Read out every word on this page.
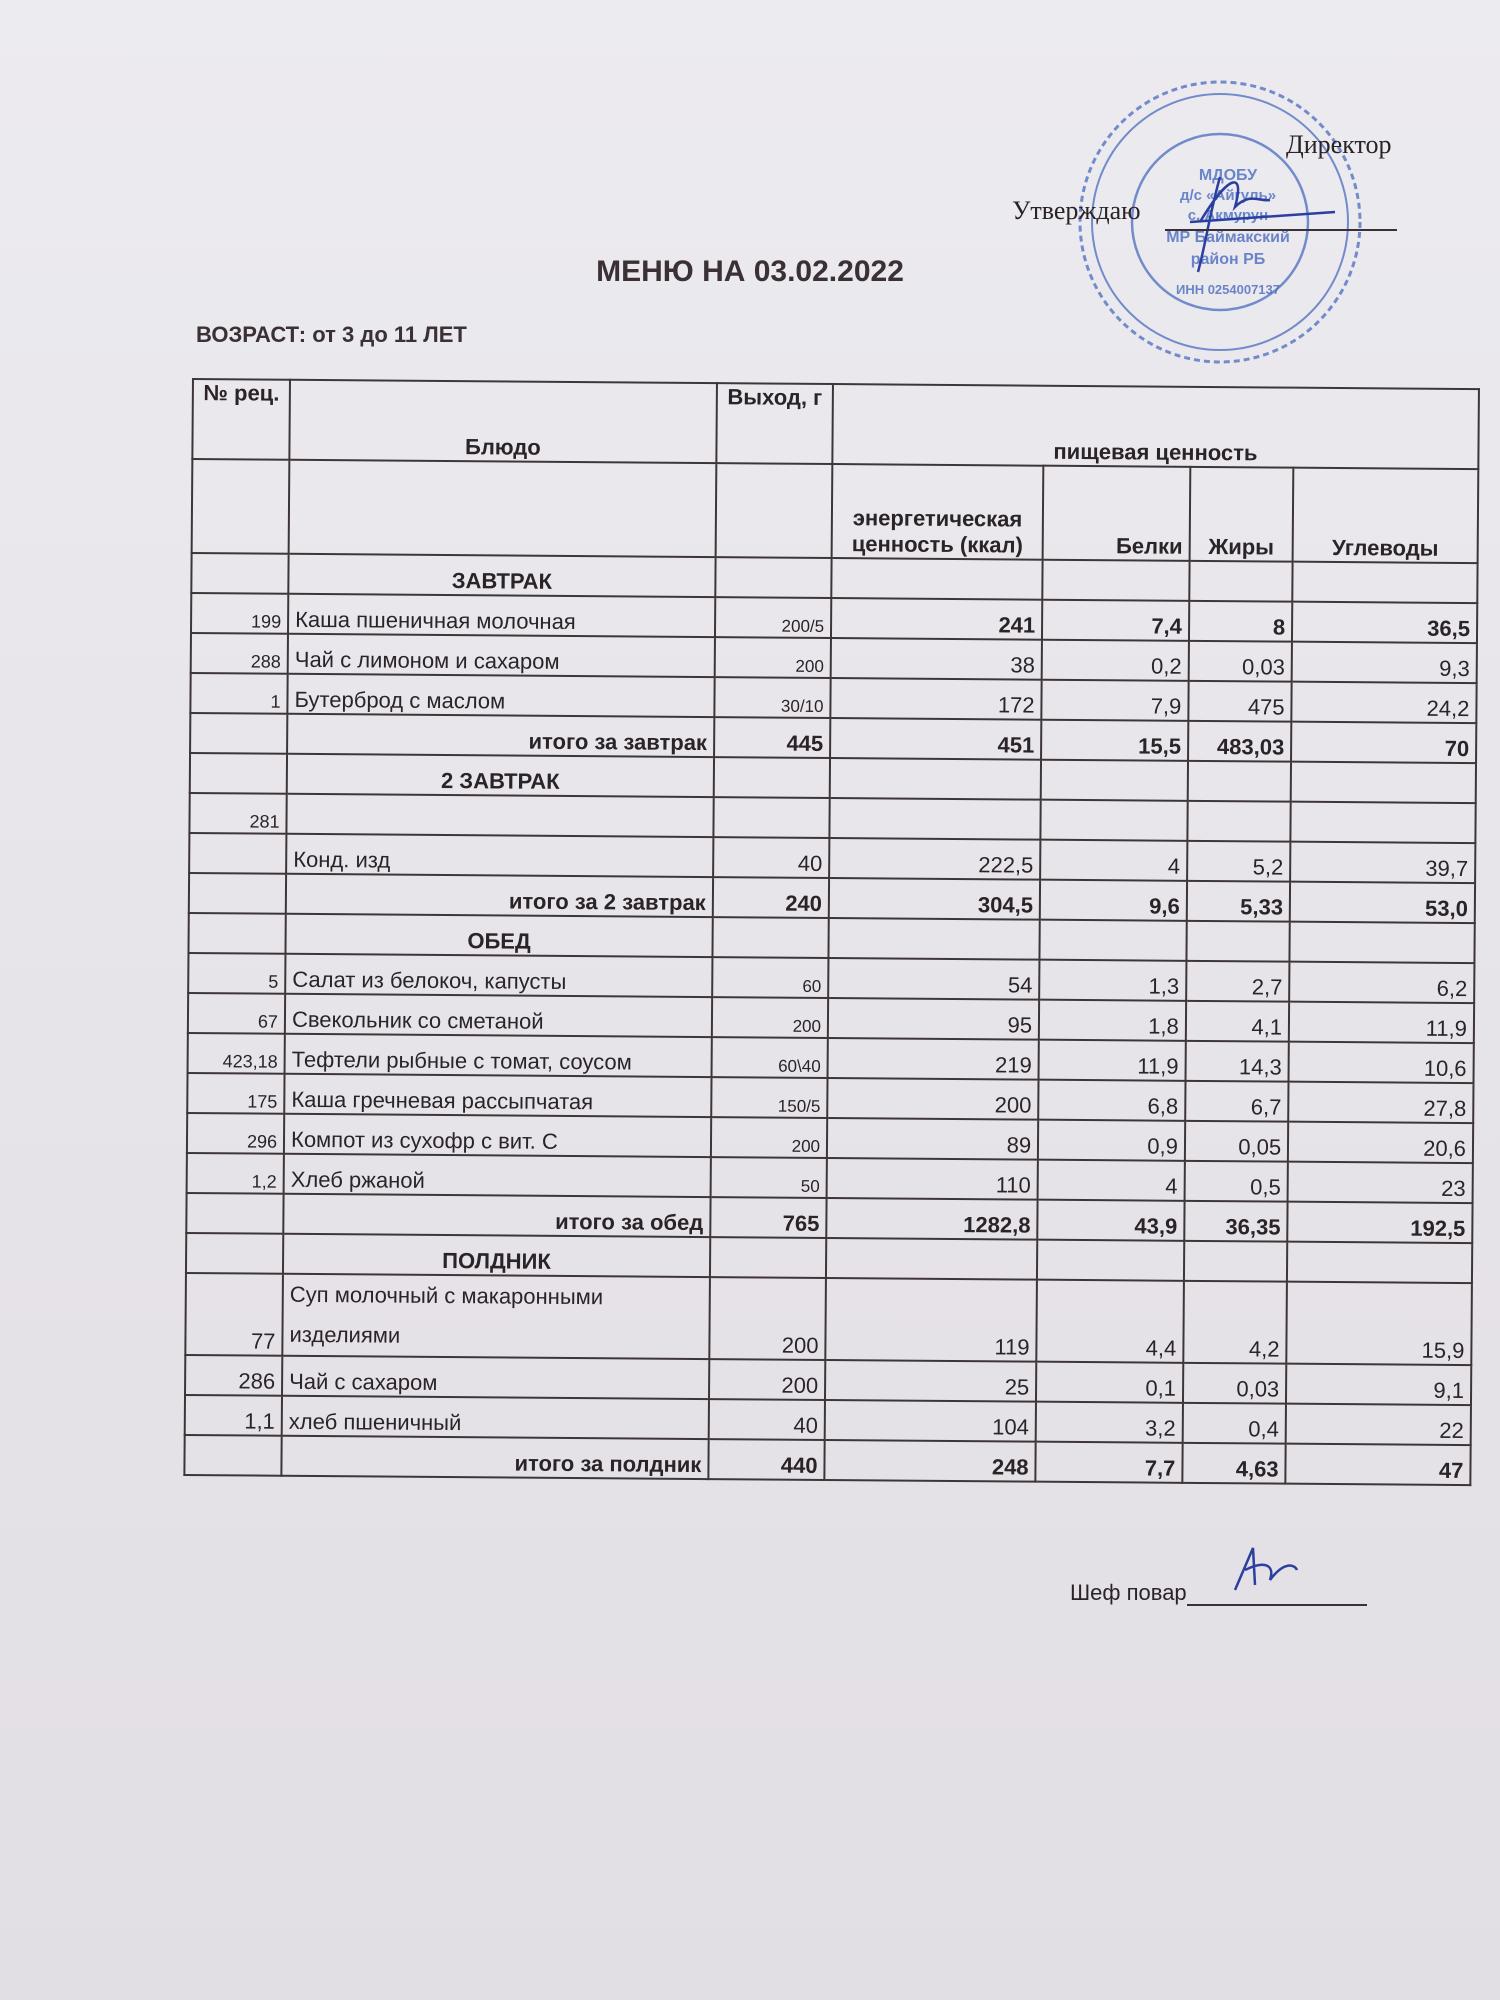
МДОБУ
д/с «Айгуль»
с. Акмурун
МР Баймакский
район РБ
ИНН 0254007137
Директор
Утверждаю
МЕНЮ НА 03.02.2022
ВОЗРАСТ: от 3 до 11 ЛЕТ
№ рец.	Блюдо	Выход, г	пищевая ценность			
			энергетическая ценность (ккал)	Белки	Жиры	Углеводы
	ЗАВТРАК					
199	Каша пшеничная молочная	200/5	241	7,4	8	36,5
288	Чай с лимоном и сахаром	200	38	0,2	0,03	9,3
1	Бутерброд с маслом	30/10	172	7,9	475	24,2
	итого за завтрак	445	451	15,5	483,03	70
	2 ЗАВТРАК					
281						
	Конд. изд	40	222,5	4	5,2	39,7
	итого за 2 завтрак	240	304,5	9,6	5,33	53,0
	ОБЕД					
5	Салат из белокоч, капусты	60	54	1,3	2,7	6,2
67	Свекольник со сметаной	200	95	1,8	4,1	11,9
423,18	Тефтели рыбные с томат, соусом	60\40	219	11,9	14,3	10,6
175	Каша гречневая рассыпчатая	150/5	200	6,8	6,7	27,8
296	Компот из сухофр с вит. С	200	89	0,9	0,05	20,6
1,2	Хлеб ржаной	50	110	4	0,5	23
	итого за обед	765	1282,8	43,9	36,35	192,5
	ПОЛДНИК					
77	Суп молочный с макаронными изделиями	200	119	4,4	4,2	15,9
286	Чай с сахаром	200	25	0,1	0,03	9,1
1,1	хлеб пшеничный	40	104	3,2	0,4	22
	итого за полдник	440	248	7,7	4,63	47
Шеф повар
